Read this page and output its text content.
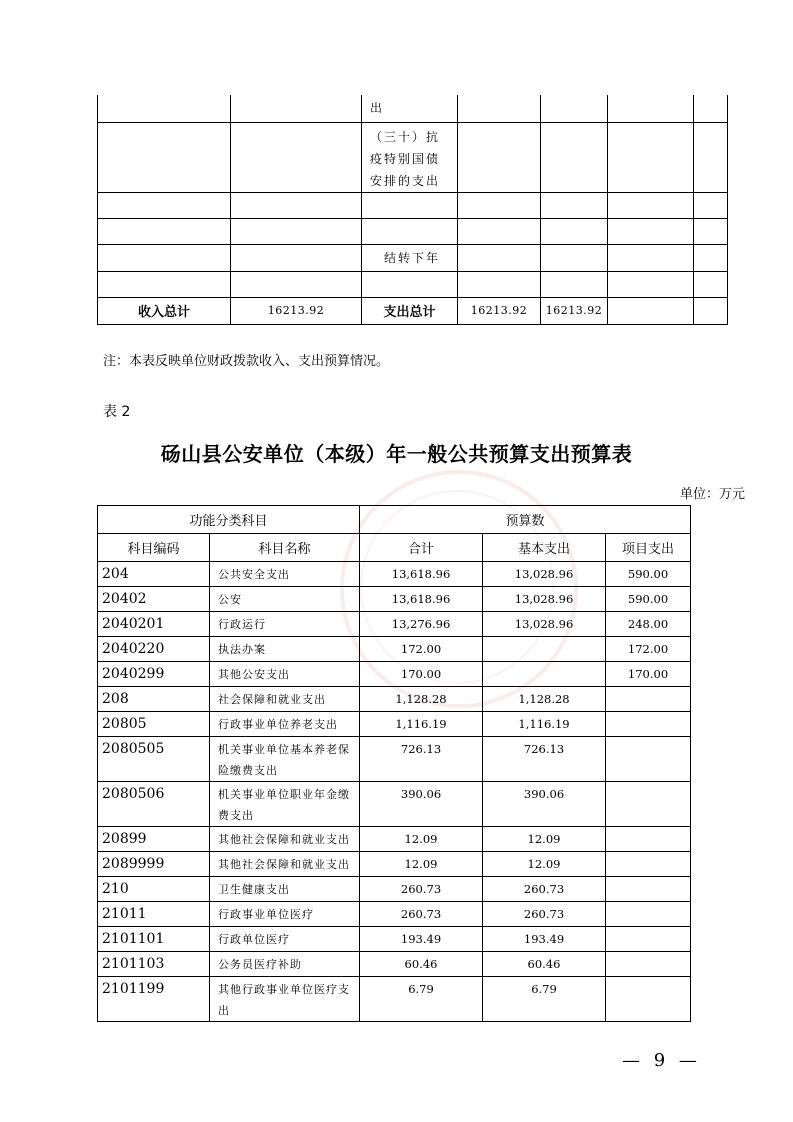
		出				
		（三十）抗疫特别国债安排的支出				

		结转下年				

收入总计	16213.92	支出总计	16213.92	16213.92		
注：本表反映单位财政拨款收入、支出预算情况。
表 2
砀山县公安单位（本级）年一般公共预算支出预算表
单位：万元
功能分类科目		预算数		
科目编码	科目名称	合计	基本支出	项目支出
204	公共安全支出	13,618.96	13,028.96	590.00
20402	公安	13,618.96	13,028.96	590.00
2040201	行政运行	13,276.96	13,028.96	248.00
2040220	执法办案	172.00		172.00
2040299	其他公安支出	170.00		170.00
208	社会保障和就业支出	1,128.28	1,128.28	
20805	行政事业单位养老支出	1,116.19	1,116.19	
2080505	机关事业单位基本养老保险缴费支出	726.13	726.13	
2080506	机关事业单位职业年金缴费支出	390.06	390.06	
20899	其他社会保障和就业支出	12.09	12.09	
2089999	其他社会保障和就业支出	12.09	12.09	
210	卫生健康支出	260.73	260.73	
21011	行政事业单位医疗	260.73	260.73	
2101101	行政单位医疗	193.49	193.49	
2101103	公务员医疗补助	60.46	60.46	
2101199	其他行政事业单位医疗支出	6.79	6.79	
— 9 —
